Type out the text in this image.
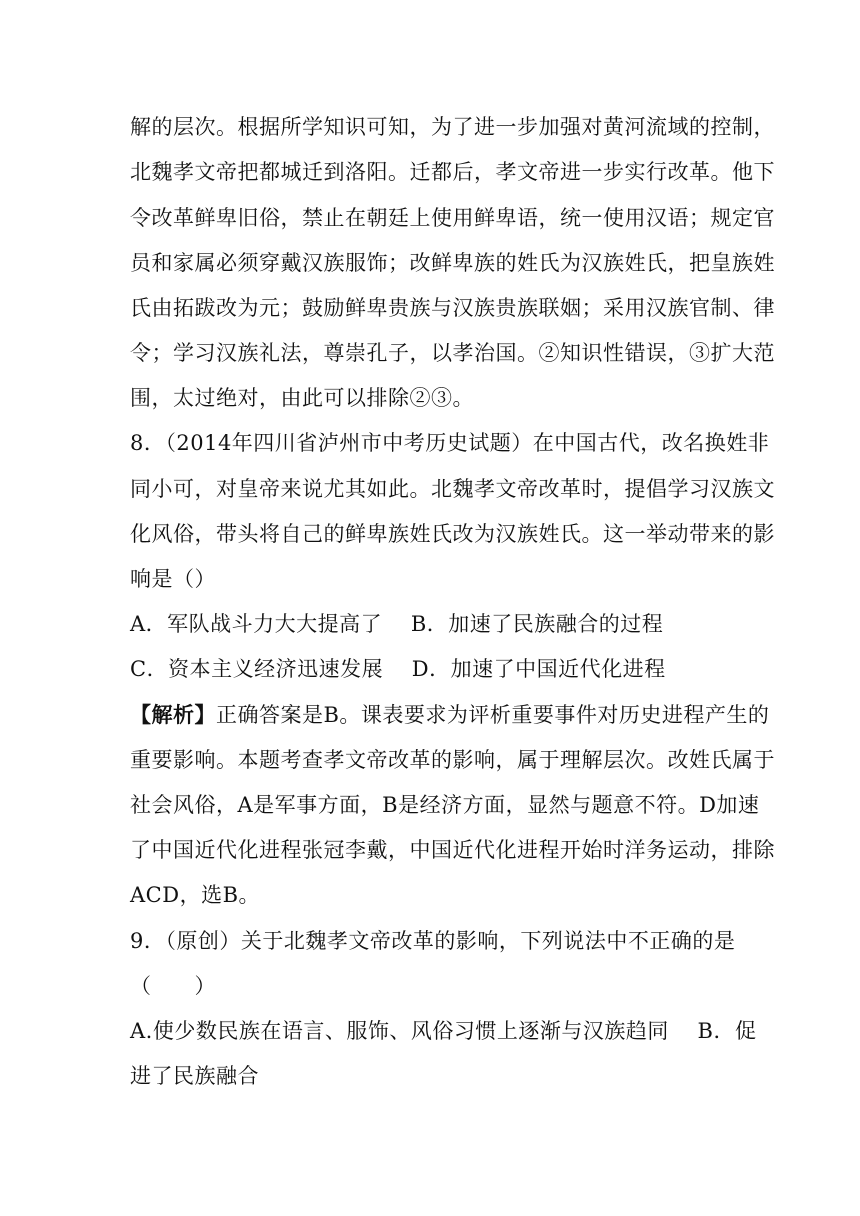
解的层次。根据所学知识可知，为了进一步加强对黄河流域的控制，
北魏孝文帝把都城迁到洛阳。迁都后，孝文帝进一步实行改革。他下
令改革鲜卑旧俗，禁止在朝廷上使用鲜卑语，统一使用汉语；规定官
员和家属必须穿戴汉族服饰；改鲜卑族的姓氏为汉族姓氏，把皇族姓
氏由拓跋改为元；鼓励鲜卑贵族与汉族贵族联姻；采用汉族官制、律
令；学习汉族礼法，尊崇孔子，以孝治国。②知识性错误，③扩大范
围，太过绝对，由此可以排除②③。
8．（2014年四川省泸州市中考历史试题）在中国古代，改名换姓非
同小可，对皇帝来说尤其如此。北魏孝文帝改革时，提倡学习汉族文
化风俗，带头将自己的鲜卑族姓氏改为汉族姓氏。这一举动带来的影
响是（）
A．军队战斗力大大提高了    B．加速了民族融合的过程
C．资本主义经济迅速发展    D．加速了中国近代化进程
【解析】正确答案是B。课表要求为评析重要事件对历史进程产生的
重要影响。本题考查孝文帝改革的影响，属于理解层次。改姓氏属于
社会风俗，A是军事方面，B是经济方面，显然与题意不符。D加速
了中国近代化进程张冠李戴，中国近代化进程开始时洋务运动，排除
ACD，选B。
9．（原创）关于北魏孝文帝改革的影响，下列说法中不正确的是
（　　）
A.使少数民族在语言、服饰、风俗习惯上逐渐与汉族趋同    B．促
进了民族融合
